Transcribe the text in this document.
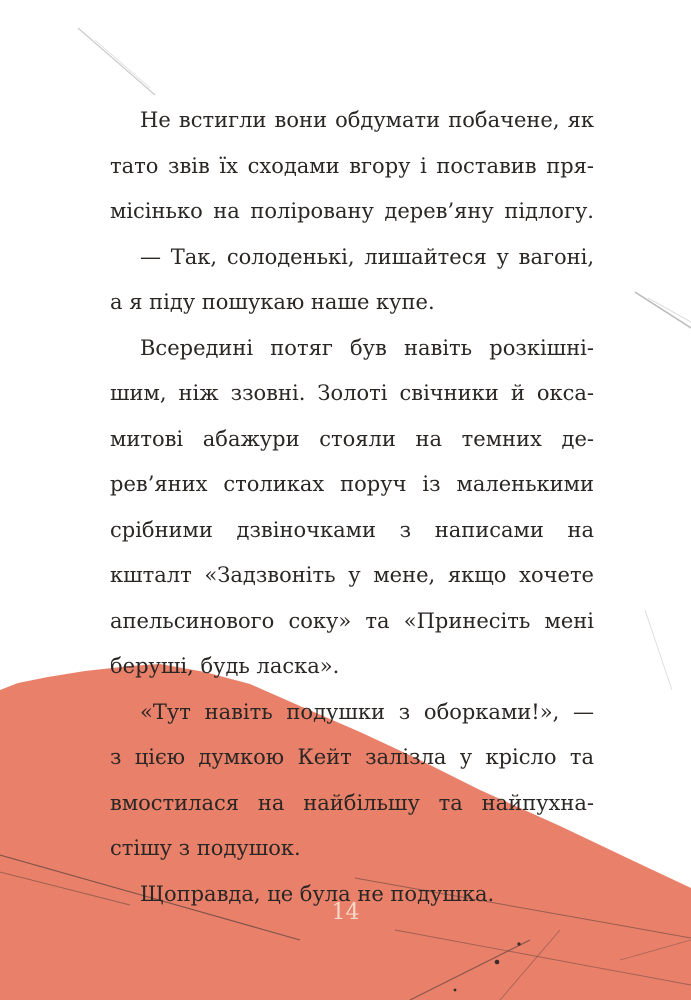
Не встигли вони обдумати побачене, як
тато звів їх сходами вгору і поставив пря-
місінько на поліровану дерев’яну підлогу.
— Так, солоденькі, лишайтеся у вагоні,
а я піду пошукаю наше купе.
Всередині потяг був навіть розкішні-
шим, ніж ззовні. Золоті свічники й окса-
митові абажури стояли на темних де-
рев’яних столиках поруч із маленькими
срібними дзвіночками з написами на
кшталт «Задзвоніть у мене, якщо хочете
апельсинового соку» та «Принесіть мені
беруші, будь ласка».
«Тут навіть подушки з оборками!», —
з цією думкою Кейт залізла у крісло та
вмостилася на найбільшу та найпухна-
стішу з подушок.
Щоправда, це була не подушка.
14
